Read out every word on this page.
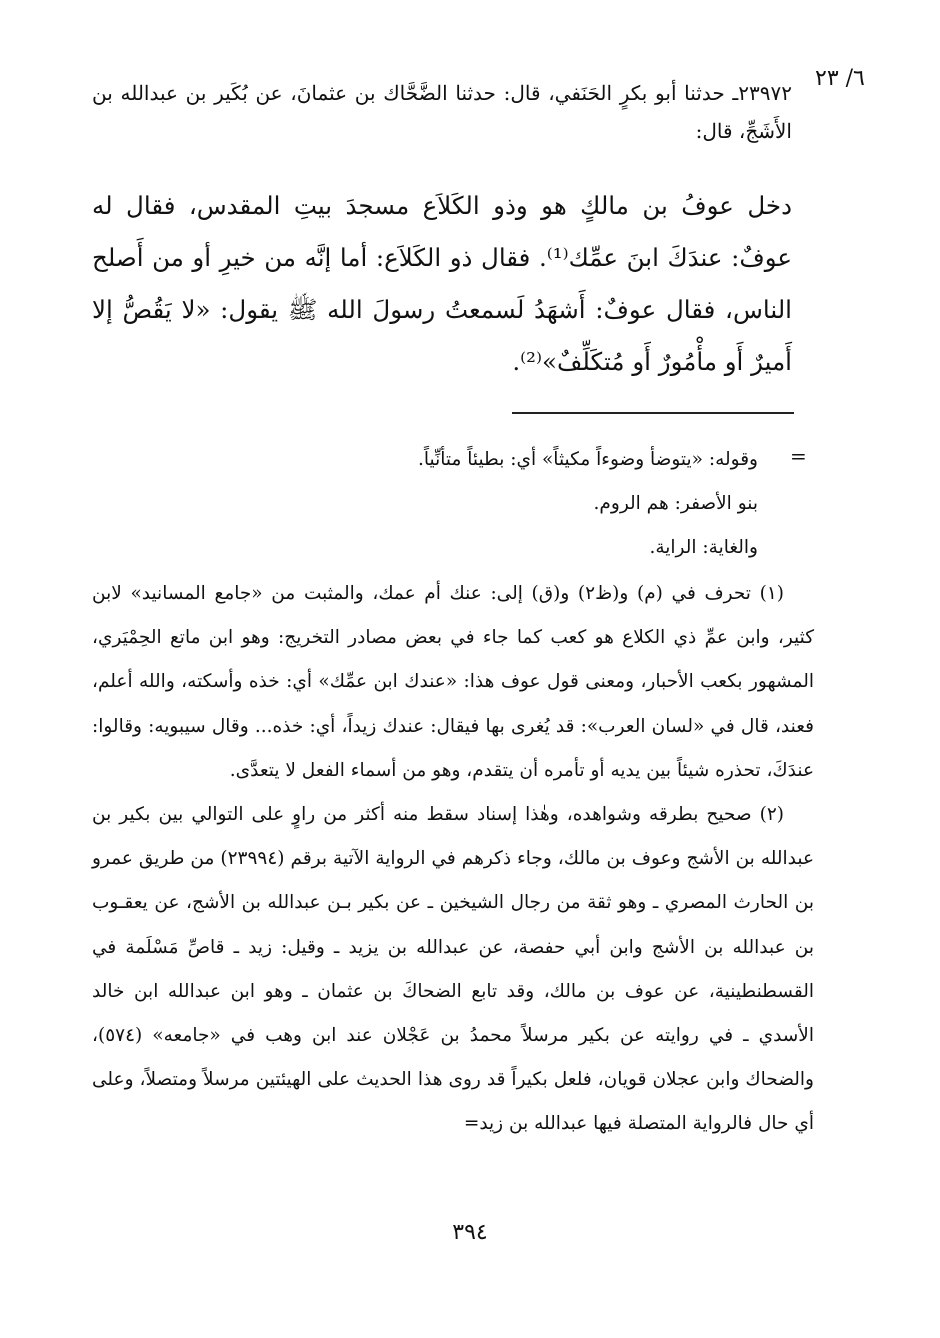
٦/ ٢٣
٢٣٩٧٢ـ حدثنا أبو بكرٍ الحَنَفي، قال: حدثنا الضَّحَّاك بن عثمانَ، عن بُكَير بن عبدالله بن الأَشَجِّ، قال:
دخل عوفُ بن مالكٍ هو وذو الكَلاَع مسجدَ بيتِ المقدس، فقال له عوفٌ: عندَكَ ابنَ عمِّك⁽¹⁾. فقال ذو الكَلاَع: أما إنَّه من خيرِ أو من أَصلح الناس، فقال عوفٌ: أَشهَدُ لَسمعتُ رسولَ الله ﷺ يقول: «لا يَقُصُّ إلا أَميرٌ أَو مأْمُورٌ أَو مُتكَلِّفٌ»⁽²⁾.
=
وقوله: «يتوضأ وضوءاً مكيثاً» أي: بطيئاً متأنِّياً.
بنو الأصفر: هم الروم.
والغاية: الراية.

(١) تحرف في (م) و(ظ٢) و(ق) إلى: عنك أم عمك، والمثبت من «جامع المسانيد» لابن كثير، وابن عمِّ ذي الكلاع هو كعب كما جاء في بعض مصادر التخريج: وهو ابن ماتع الحِمْيَري، المشهور بكعب الأحبار، ومعنى قول عوف هذا: «عندك ابن عمِّك» أي: خذه وأسكته، والله أعلم، فعند، قال في «لسان العرب»: قد يُغرى بها فيقال: عندك زيداً، أي: خذه... وقال سيبويه: وقالوا: عندَكَ، تحذره شيئاً بين يديه أو تأمره أن يتقدم، وهو من أسماء الفعل لا يتعدَّى.

(٢) صحيح بطرقه وشواهده، وهٰذا إسناد سقط منه أكثر من راوٍ على التوالي بين بكير بن عبدالله بن الأشج وعوف بن مالك، وجاء ذكرهم في الرواية الآتية برقم (٢٣٩٩٤) من طريق عمرو بن الحارث المصري ـ وهو ثقة من رجال الشيخين ـ عن بكير بـن عبدالله بن الأشج، عن يعقـوب بن عبدالله بن الأشج وابن أبي حفصة، عن عبدالله بن يزيد ـ وقيل: زيد ـ قاصِّ مَسْلَمة في القسطنطينية، عن عوف بن مالك، وقد تابع الضحاكَ بن عثمان ـ وهو ابن عبدالله ابن خالد الأسدي ـ في روايته عن بكير مرسلاً محمدُ بن عَجْلان عند ابن وهب في «جامعه» (٥٧٤)، والضحاك وابن عجلان قويان، فلعل بكيراً قد روى هذا الحديث على الهيئتين مرسلاً ومتصلاً، وعلى أي حال فالرواية المتصلة فيها عبدالله بن زيد=

٣٩٤
